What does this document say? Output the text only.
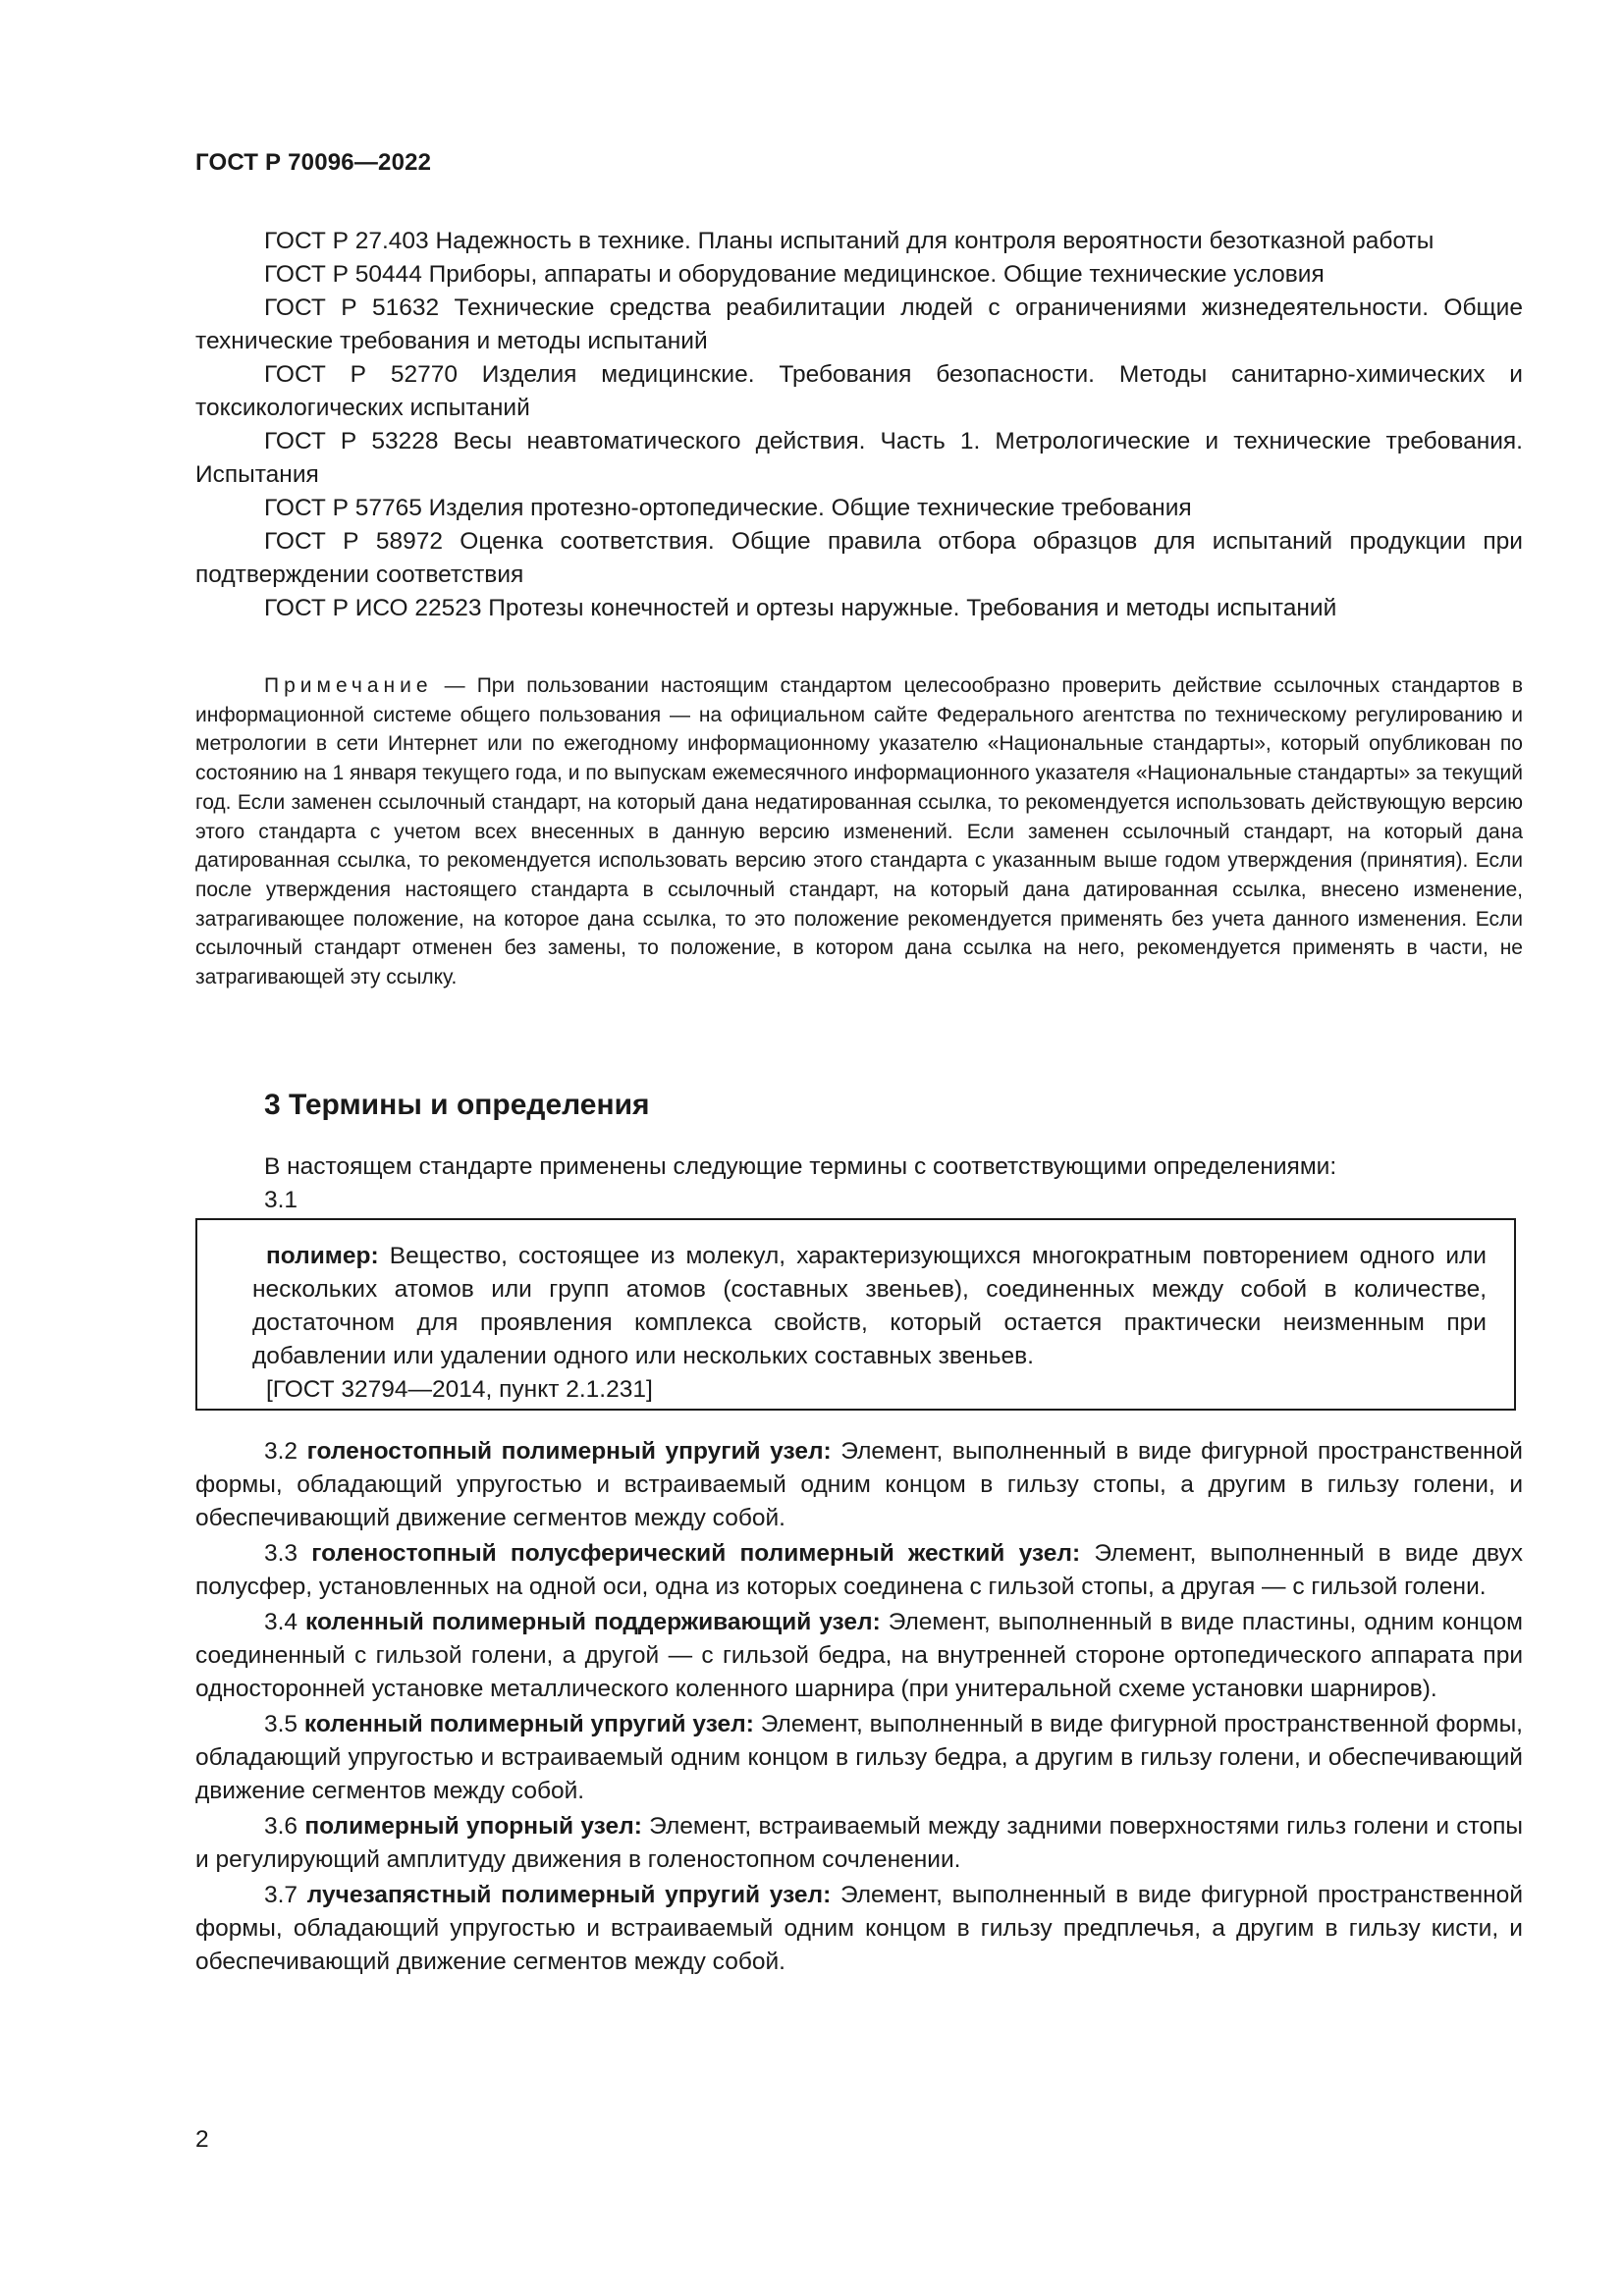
ГОСТ Р 70096—2022

ГОСТ Р 27.403 Надежность в технике. Планы испытаний для контроля вероятности безотказной работы

ГОСТ Р 50444 Приборы, аппараты и оборудование медицинское. Общие технические условия

ГОСТ Р 51632 Технические средства реабилитации людей с ограничениями жизнедеятельности. Общие технические требования и методы испытаний

ГОСТ Р 52770 Изделия медицинские. Требования безопасности. Методы санитарно-химических и токсикологических испытаний

ГОСТ Р 53228 Весы неавтоматического действия. Часть 1. Метрологические и технические требования. Испытания

ГОСТ Р 57765 Изделия протезно-ортопедические. Общие технические требования

ГОСТ Р 58972 Оценка соответствия. Общие правила отбора образцов для испытаний продукции при подтверждении соответствия

ГОСТ Р ИСО 22523 Протезы конечностей и ортезы наружные. Требования и методы испытаний

Примечание — При пользовании настоящим стандартом целесообразно проверить действие ссылочных стандартов в информационной системе общего пользования — на официальном сайте Федерального агентства по техническому регулированию и метрологии в сети Интернет или по ежегодному информационному указателю «Национальные стандарты», который опубликован по состоянию на 1 января текущего года, и по выпускам ежемесячного информационного указателя «Национальные стандарты» за текущий год. Если заменен ссылочный стандарт, на который дана недатированная ссылка, то рекомендуется использовать действующую версию этого стандарта с учетом всех внесенных в данную версию изменений. Если заменен ссылочный стандарт, на который дана датированная ссылка, то рекомендуется использовать версию этого стандарта с указанным выше годом утверждения (принятия). Если после утверждения настоящего стандарта в ссылочный стандарт, на который дана датированная ссылка, внесено изменение, затрагивающее положение, на которое дана ссылка, то это положение рекомендуется применять без учета данного изменения. Если ссылочный стандарт отменен без замены, то положение, в котором дана ссылка на него, рекомендуется применять в части, не затрагивающей эту ссылку.

3 Термины и определения

В настоящем стандарте применены следующие термины с соответствующими определениями:

3.1

полимер: Вещество, состоящее из молекул, характеризующихся многократным повторением одного или нескольких атомов или групп атомов (составных звеньев), соединенных между собой в количестве, достаточном для проявления комплекса свойств, который остается практически неизменным при добавлении или удалении одного или нескольких составных звеньев.

[ГОСТ 32794—2014, пункт 2.1.231]

3.2 голеностопный полимерный упругий узел: Элемент, выполненный в виде фигурной пространственной формы, обладающий упругостью и встраиваемый одним концом в гильзу стопы, а другим в гильзу голени, и обеспечивающий движение сегментов между собой.

3.3 голеностопный полусферический полимерный жесткий узел: Элемент, выполненный в виде двух полусфер, установленных на одной оси, одна из которых соединена с гильзой стопы, а другая — с гильзой голени.

3.4 коленный полимерный поддерживающий узел: Элемент, выполненный в виде пластины, одним концом соединенный с гильзой голени, а другой — с гильзой бедра, на внутренней стороне ортопедического аппарата при односторонней установке металлического коленного шарнира (при унитеральной схеме установки шарниров).

3.5 коленный полимерный упругий узел: Элемент, выполненный в виде фигурной пространственной формы, обладающий упругостью и встраиваемый одним концом в гильзу бедра, а другим в гильзу голени, и обеспечивающий движение сегментов между собой.

3.6 полимерный упорный узел: Элемент, встраиваемый между задними поверхностями гильз голени и стопы и регулирующий амплитуду движения в голеностопном сочленении.

3.7 лучезапястный полимерный упругий узел: Элемент, выполненный в виде фигурной пространственной формы, обладающий упругостью и встраиваемый одним концом в гильзу предплечья, а другим в гильзу кисти, и обеспечивающий движение сегментов между собой.

2
